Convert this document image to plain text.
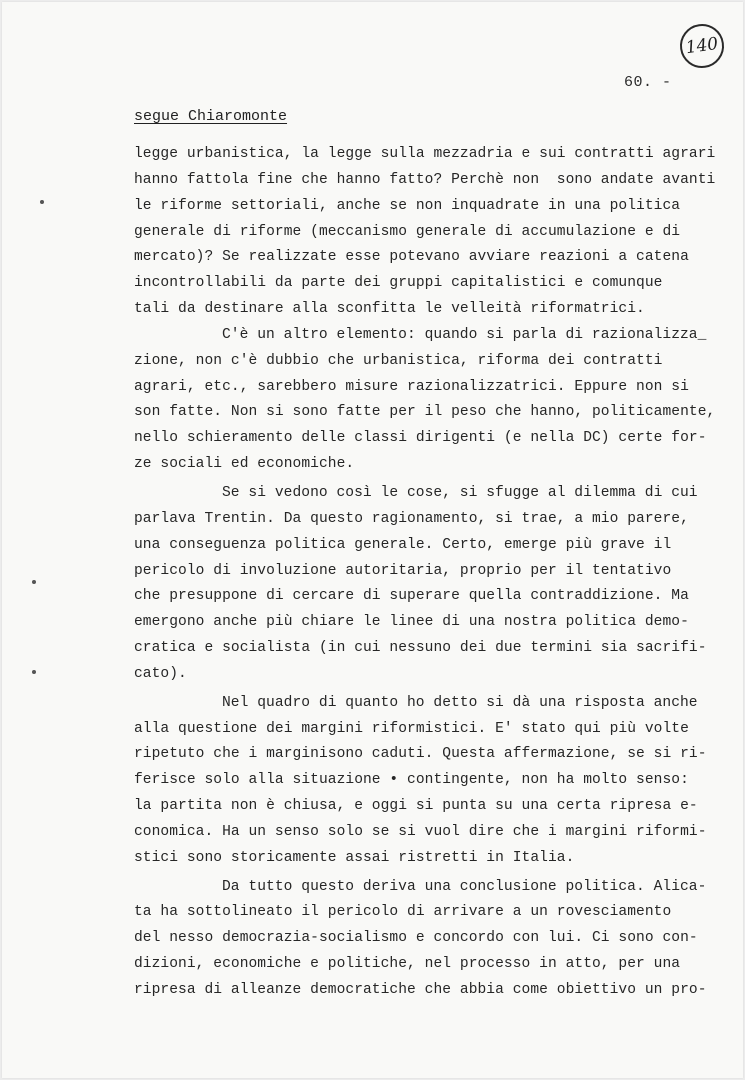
140
60. -
segue Chiaromonte
legge urbanistica, la legge sulla mezzadria e sui contratti agrari
hanno fattola fine che hanno fatto? Perchè non  sono andate avanti
le riforme settoriali, anche se non inquadrate in una politica
generale di riforme (meccanismo generale di accumulazione e di
mercato)? Se realizzate esse potevano avviare reazioni a catena
incontrollabili da parte dei gruppi capitalistici e comunque
tali da destinare alla sconfitta le velleità riformatrici.
C'è un altro elemento: quando si parla di razionalizza_
zione, non c'è dubbio che urbanistica, riforma dei contratti
agrari, etc., sarebbero misure razionalizzatrici. Eppure non si
son fatte. Non si sono fatte per il peso che hanno, politicamente,
nello schieramento delle classi dirigenti (e nella DC) certe for-
ze sociali ed economiche.
Se si vedono così le cose, si sfugge al dilemma di cui
parlava Trentin. Da questo ragionamento, si trae, a mio parere,
una conseguenza politica generale. Certo, emerge più grave il
pericolo di involuzione autoritaria, proprio per il tentativo
che presuppone di cercare di superare quella contraddizione. Ma
emergono anche più chiare le linee di una nostra politica demo-
cratica e socialista (in cui nessuno dei due termini sia sacrifi-
cato).
Nel quadro di quanto ho detto si dà una risposta anche
alla questione dei margini riformistici. E' stato qui più volte
ripetuto che i marginisono caduti. Questa affermazione, se si ri-
ferisce solo alla situazione • contingente, non ha molto senso:
la partita non è chiusa, e oggi si punta su una certa ripresa e-
conomica. Ha un senso solo se si vuol dire che i margini riformi-
stici sono storicamente assai ristretti in Italia.
Da tutto questo deriva una conclusione politica. Alica-
ta ha sottolineato il pericolo di arrivare a un rovesciamento
del nesso democrazia-socialismo e concordo con lui. Ci sono con-
dizioni, economiche e politiche, nel processo in atto, per una
ripresa di alleanze democratiche che abbia come obiettivo un pro-
